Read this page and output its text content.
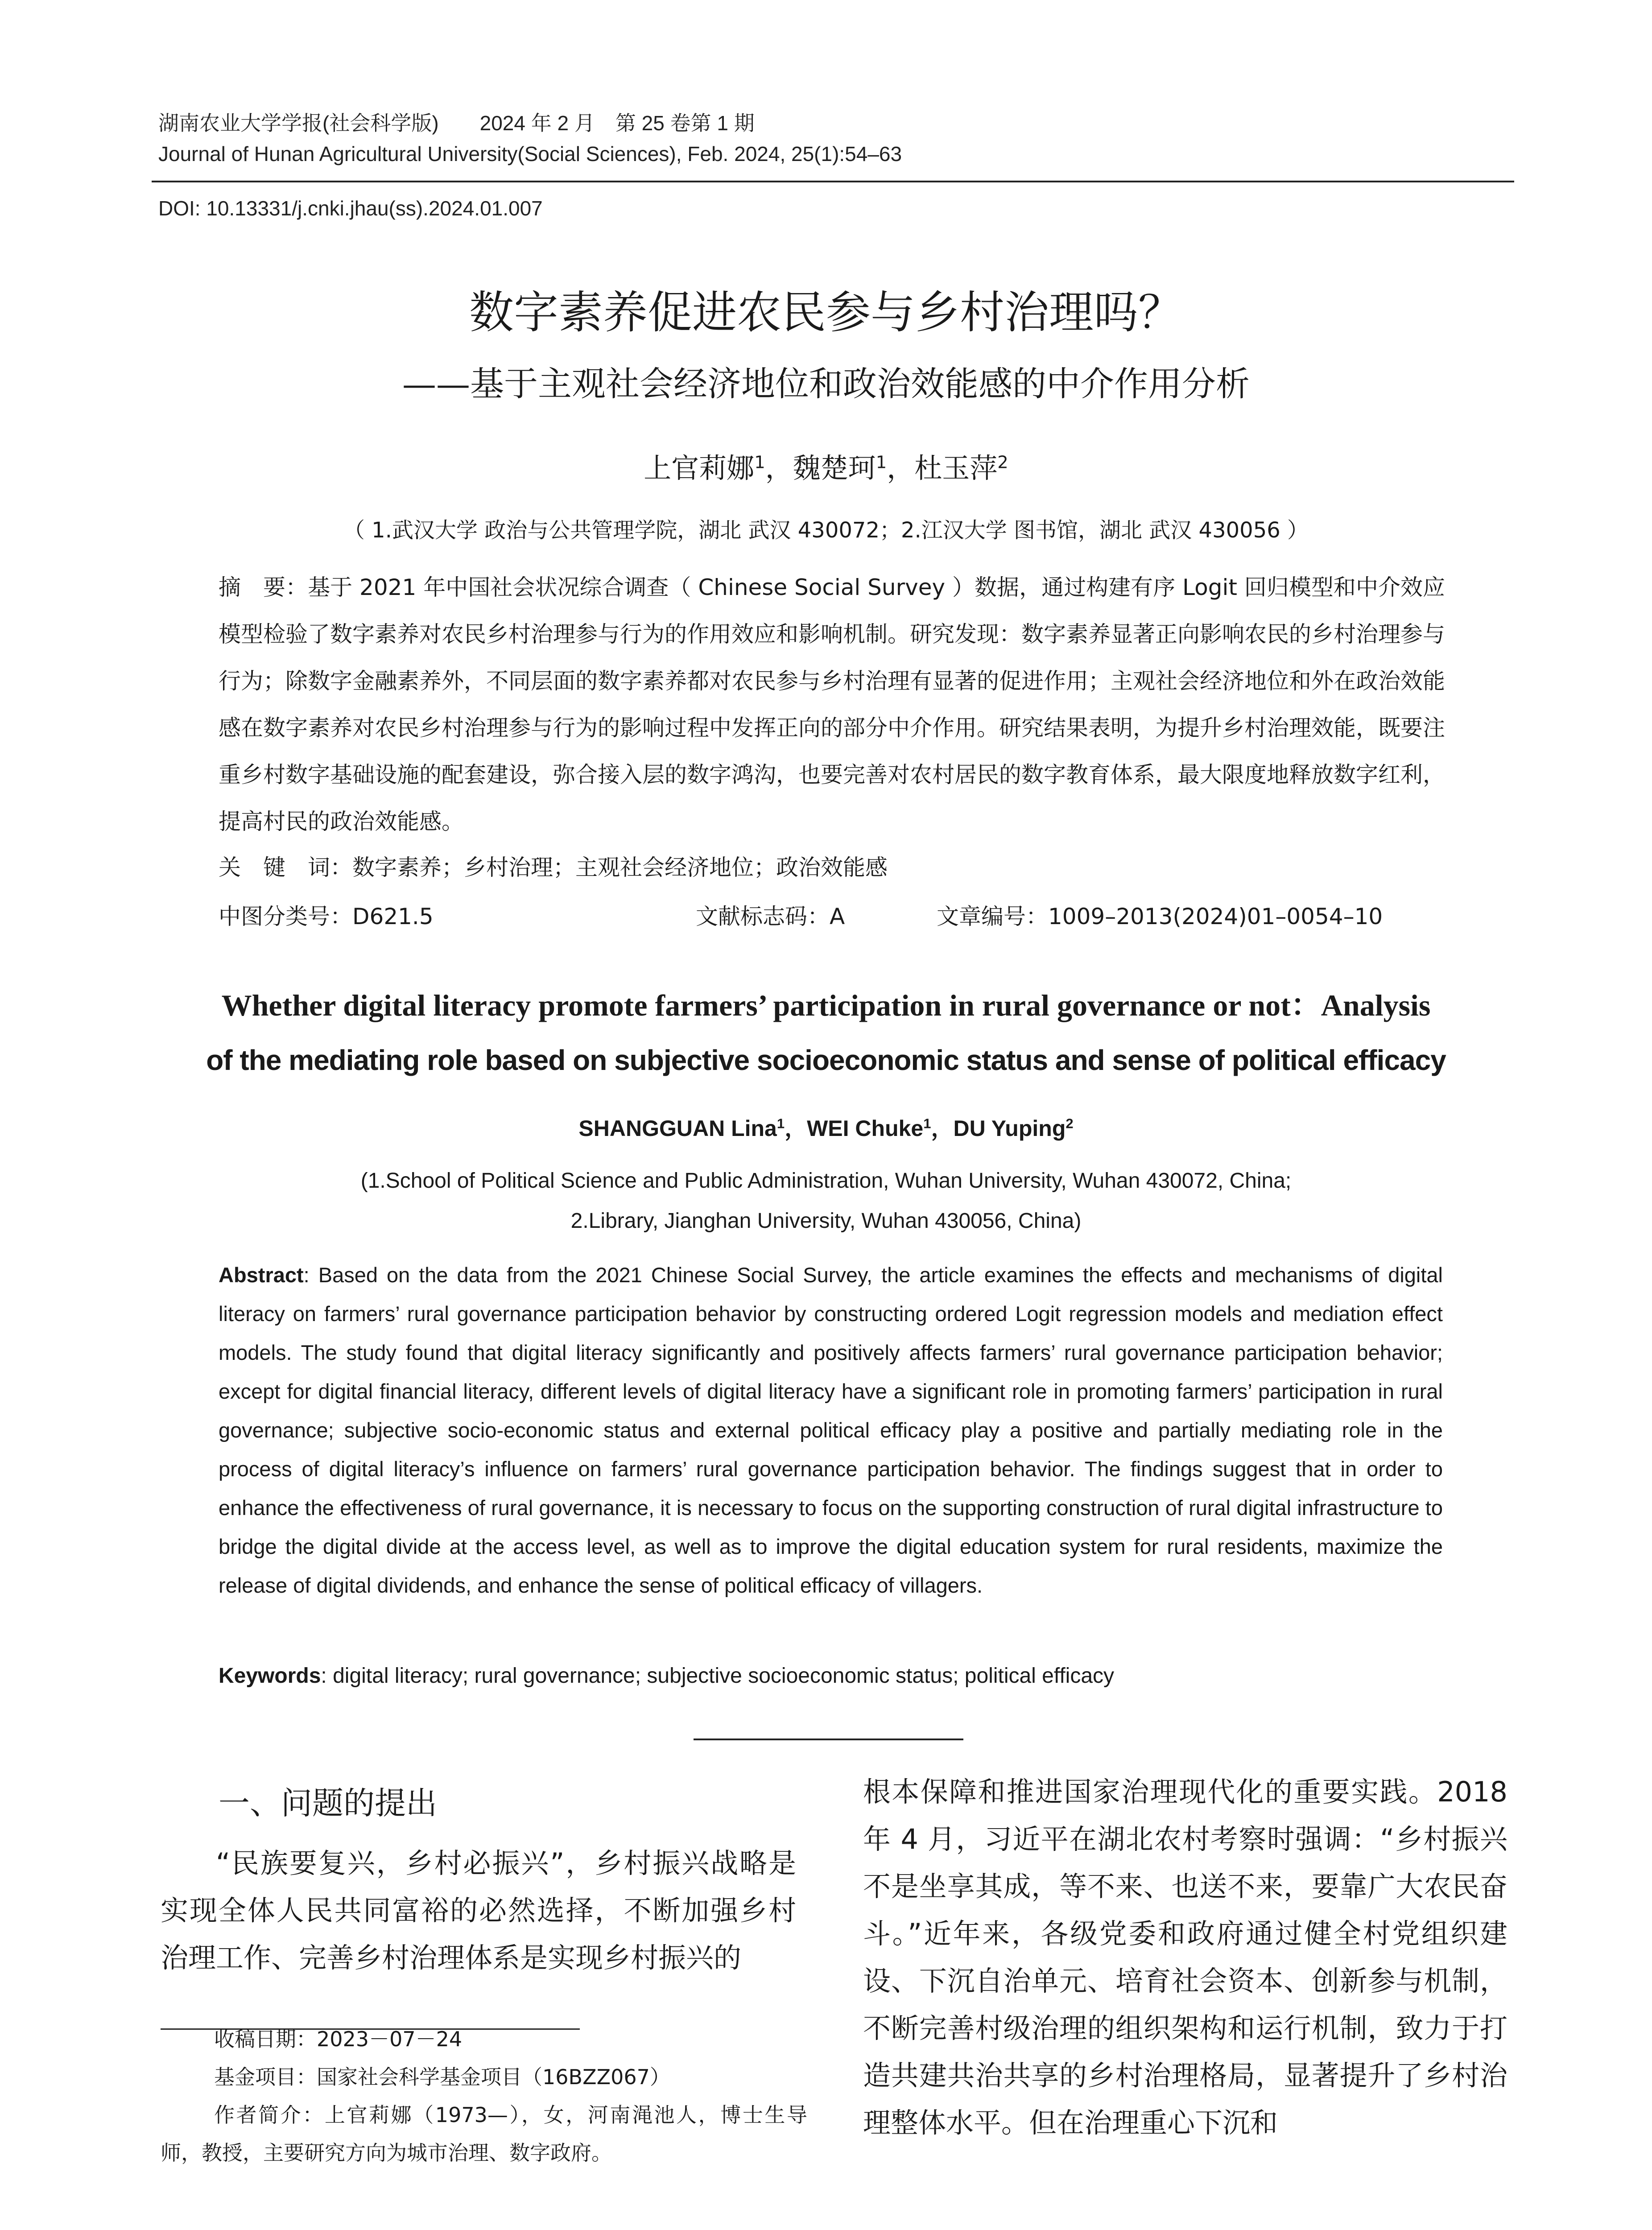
湖南农业大学学报(社会科学版)　　2024 年 2 月　第 25 卷第 1 期
Journal of Hunan Agricultural University(Social Sciences), Feb. 2024, 25(1):54–63
DOI: 10.13331/j.cnki.jhau(ss).2024.01.007
数字素养促进农民参与乡村治理吗？
——基于主观社会经济地位和政治效能感的中介作用分析
上官莉娜$^1$，魏楚珂$^1$，杜玉萍$^2$
（ 1.武汉大学 政治与公共管理学院，湖北 武汉 430072；2.江汉大学 图书馆，湖北 武汉 430056 ）
摘　要：基于 2021 年中国社会状况综合调查（ Chinese Social Survey ）数据，通过构建有序 Logit 回归模型和中介效应模型检验了数字素养对农民乡村治理参与行为的作用效应和影响机制。研究发现：数字素养显著正向影响农民的乡村治理参与行为；除数字金融素养外，不同层面的数字素养都对农民参与乡村治理有显著的促进作用；主观社会经济地位和外在政治效能感在数字素养对农民乡村治理参与行为的影响过程中发挥正向的部分中介作用。研究结果表明，为提升乡村治理效能，既要注重乡村数字基础设施的配套建设，弥合接入层的数字鸿沟，也要完善对农村居民的数字教育体系，最大限度地释放数字红利，提高村民的政治效能感。
关　键　词：数字素养；乡村治理；主观社会经济地位；政治效能感
中图分类号：D621.5	文献标志码：A	文章编号：1009–2013(2024)01–0054–10
Whether digital literacy promote farmers’ participation in rural governance or not：Analysis
of the mediating role based on subjective socioeconomic status and sense of political efficacy
SHANGGUAN Lina$^1$，WEI Chuke$^1$，DU Yuping$^2$
(1.School of Political Science and Public Administration, Wuhan University, Wuhan 430072, China;
2.Library, Jianghan University, Wuhan 430056, China)
Abstract: Based on the data from the 2021 Chinese Social Survey, the article examines the effects and mechanisms of digital literacy on farmers’ rural governance participation behavior by constructing ordered Logit regression models and mediation effect models. The study found that digital literacy significantly and positively affects farmers’ rural governance participation behavior; except for digital financial literacy, different levels of digital literacy have a significant role in promoting farmers’ participation in rural governance; subjective socio-economic status and external political efficacy play a positive and partially mediating role in the process of digital literacy’s influence on farmers’ rural governance participation behavior. The findings suggest that in order to enhance the effectiveness of rural governance, it is necessary to focus on the supporting construction of rural digital infrastructure to bridge the digital divide at the access level, as well as to improve the digital education system for rural residents, maximize the release of digital dividends, and enhance the sense of political efficacy of villagers.
Keywords: digital literacy; rural governance; subjective socioeconomic status; political efficacy
一、问题的提出
“民族要复兴，乡村必振兴”，乡村振兴战略是实现全体人民共同富裕的必然选择，不断加强乡村治理工作、完善乡村治理体系是实现乡村振兴的
收稿日期：2023－07－24
基金项目：国家社会科学基金项目（16BZZ067）
作者简介：上官莉娜（1973—），女，河南渑池人，博士生导师，教授，主要研究方向为城市治理、数字政府。
根本保障和推进国家治理现代化的重要实践。2018 年 4 月，习近平在湖北农村考察时强调：“乡村振兴不是坐享其成，等不来、也送不来，要靠广大农民奋斗。”近年来，各级党委和政府通过健全村党组织建设、下沉自治单元、培育社会资本、创新参与机制，不断完善村级治理的组织架构和运行机制，致力于打造共建共治共享的乡村治理格局，显著提升了乡村治理整体水平。但在治理重心下沉和
